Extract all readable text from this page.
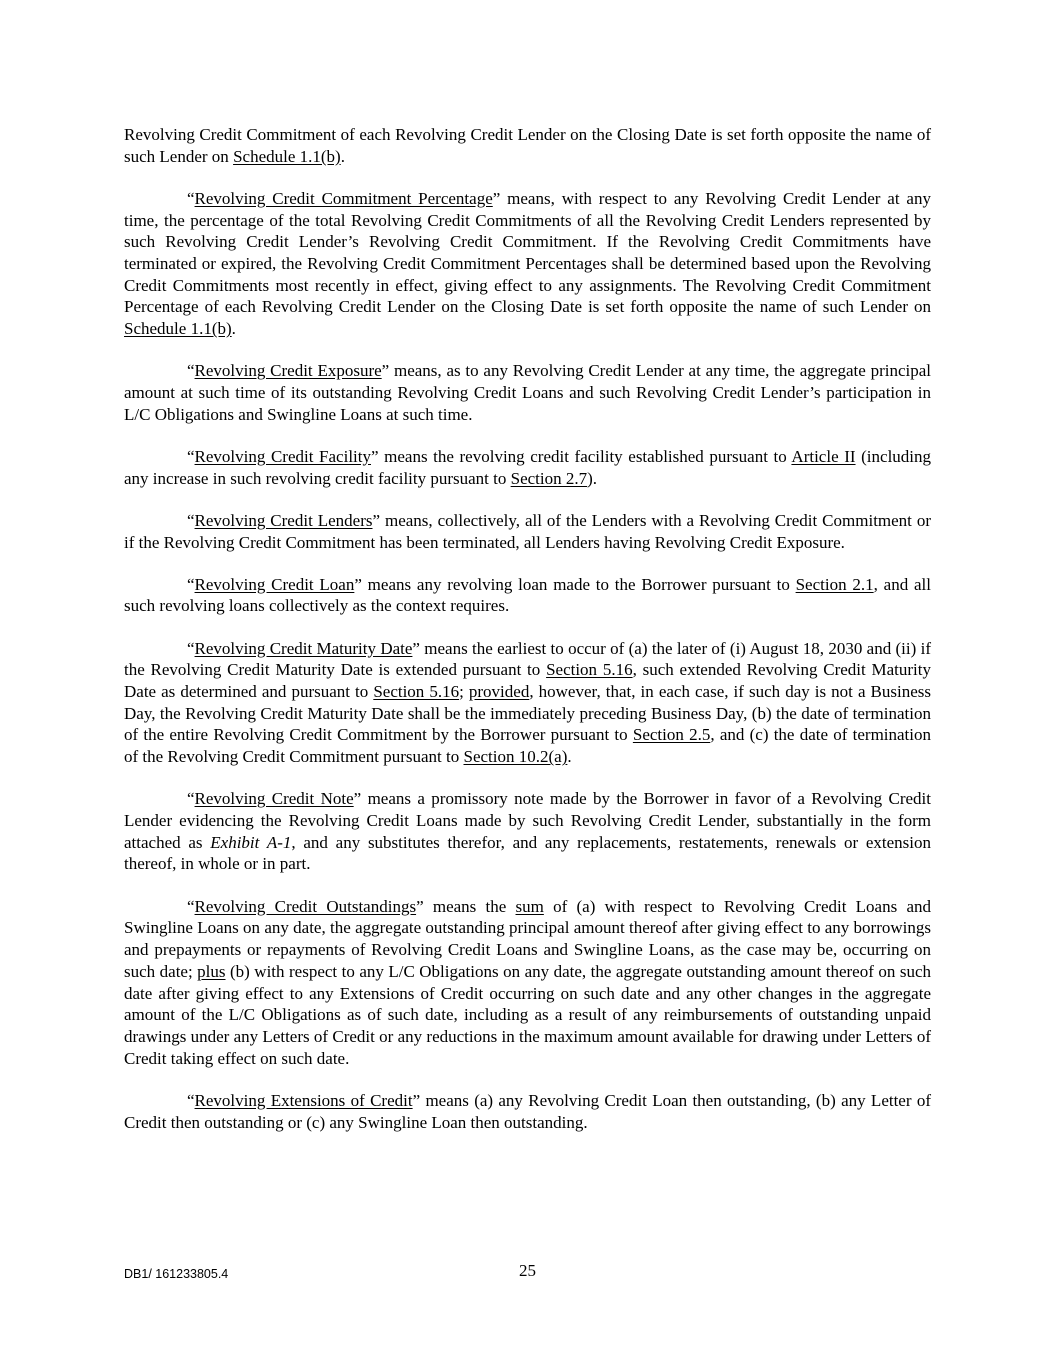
Revolving Credit Commitment of each Revolving Credit Lender on the Closing Date is set forth opposite the name of such Lender on Schedule 1.1(b).

“Revolving Credit Commitment Percentage” means, with respect to any Revolving Credit Lender at any time, the percentage of the total Revolving Credit Commitments of all the Revolving Credit Lenders represented by such Revolving Credit Lender’s Revolving Credit Commitment. If the Revolving Credit Commitments have terminated or expired, the Revolving Credit Commitment Percentages shall be determined based upon the Revolving Credit Commitments most recently in effect, giving effect to any assignments. The Revolving Credit Commitment Percentage of each Revolving Credit Lender on the Closing Date is set forth opposite the name of such Lender on Schedule 1.1(b).

“Revolving Credit Exposure” means, as to any Revolving Credit Lender at any time, the aggregate principal amount at such time of its outstanding Revolving Credit Loans and such Revolving Credit Lender’s participation in L/C Obligations and Swingline Loans at such time.

“Revolving Credit Facility” means the revolving credit facility established pursuant to Article II (including any increase in such revolving credit facility pursuant to Section 2.7).

“Revolving Credit Lenders” means, collectively, all of the Lenders with a Revolving Credit Commitment or if the Revolving Credit Commitment has been terminated, all Lenders having Revolving Credit Exposure.

“Revolving Credit Loan” means any revolving loan made to the Borrower pursuant to Section 2.1, and all such revolving loans collectively as the context requires.

“Revolving Credit Maturity Date” means the earliest to occur of (a) the later of (i) August 18, 2030 and (ii) if the Revolving Credit Maturity Date is extended pursuant to Section 5.16, such extended Revolving Credit Maturity Date as determined and pursuant to Section 5.16; provided, however, that, in each case, if such day is not a Business Day, the Revolving Credit Maturity Date shall be the immediately preceding Business Day, (b) the date of termination of the entire Revolving Credit Commitment by the Borrower pursuant to Section 2.5, and (c) the date of termination of the Revolving Credit Commitment pursuant to Section 10.2(a).

“Revolving Credit Note” means a promissory note made by the Borrower in favor of a Revolving Credit Lender evidencing the Revolving Credit Loans made by such Revolving Credit Lender, substantially in the form attached as Exhibit A-1, and any substitutes therefor, and any replacements, restatements, renewals or extension thereof, in whole or in part.

“Revolving Credit Outstandings” means the sum of (a) with respect to Revolving Credit Loans and Swingline Loans on any date, the aggregate outstanding principal amount thereof after giving effect to any borrowings and prepayments or repayments of Revolving Credit Loans and Swingline Loans, as the case may be, occurring on such date; plus (b) with respect to any L/C Obligations on any date, the aggregate outstanding amount thereof on such date after giving effect to any Extensions of Credit occurring on such date and any other changes in the aggregate amount of the L/C Obligations as of such date, including as a result of any reimbursements of outstanding unpaid drawings under any Letters of Credit or any reductions in the maximum amount available for drawing under Letters of Credit taking effect on such date.

“Revolving Extensions of Credit” means (a) any Revolving Credit Loan then outstanding, (b) any Letter of Credit then outstanding or (c) any Swingline Loan then outstanding.

DB1/ 161233805.4	25
